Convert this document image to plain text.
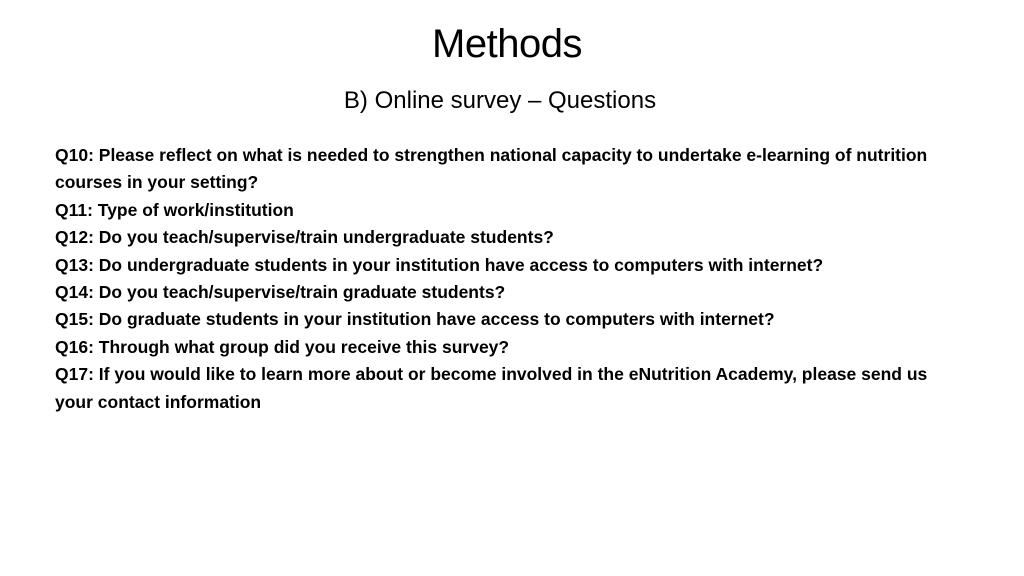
Methods
B) Online survey – Questions
Q10: Please reflect on what is needed to strengthen national capacity to undertake e-learning of nutrition courses in your setting?
Q11: Type of work/institution
Q12: Do you teach/supervise/train undergraduate students?
Q13: Do undergraduate students in your institution have access to computers with internet?
Q14: Do you teach/supervise/train graduate students?
Q15: Do graduate students in your institution have access to computers with internet?
Q16: Through what group did you receive this survey?
Q17: If you would like to learn more about or become involved in the eNutrition Academy, please send us your contact information
